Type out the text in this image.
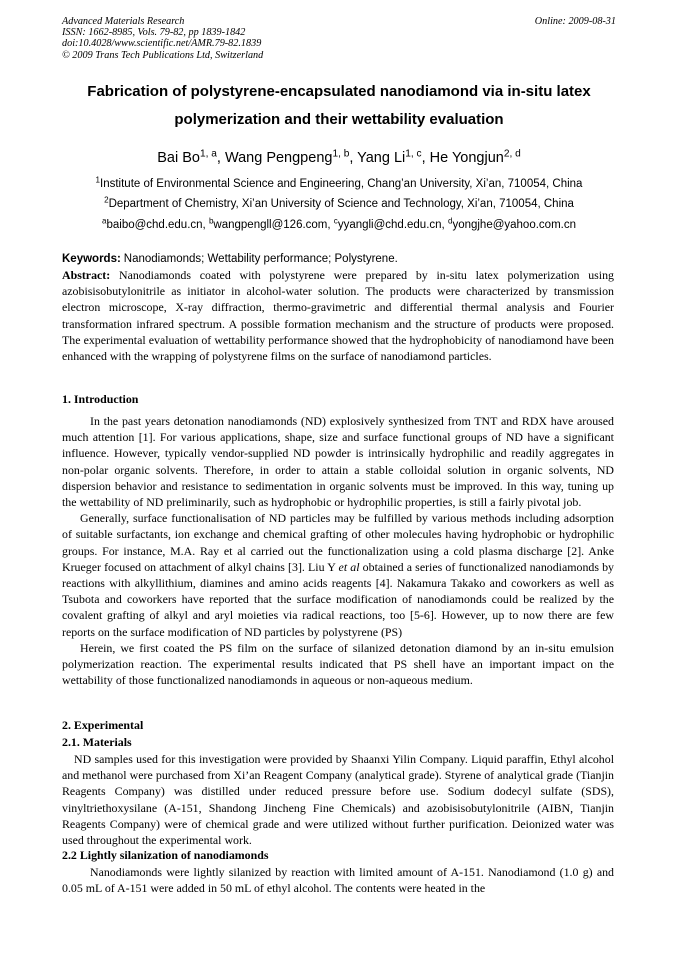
Advanced Materials Research
ISSN: 1662-8985, Vols. 79-82, pp 1839-1842
doi:10.4028/www.scientific.net/AMR.79-82.1839
© 2009 Trans Tech Publications Ltd, Switzerland
Online: 2009-08-31
Fabrication of polystyrene-encapsulated nanodiamond via in-situ latex
polymerization and their wettability evaluation
Bai Bo$^{1, a}$, Wang Pengpeng$^{1, b}$, Yang Li$^{1, c}$, He Yongjun$^{2, d}$
$^1$Institute of Environmental Science and Engineering, Chang’an University, Xi’an, 710054, China
$^2$Department of Chemistry, Xi’an University of Science and Technology, Xi’an, 710054, China
$^a$baibo@chd.edu.cn, $^b$wangpengll@126.com, $^c$yyangli@chd.edu.cn, $^d$yongjhe@yahoo.com.cn
Keywords: Nanodiamonds; Wettability performance; Polystyrene.
Abstract: Nanodiamonds coated with polystyrene were prepared by in-situ latex polymerization using azobisisobutylonitrile as initiator in alcohol-water solution. The products were characterized by transmission electron microscope, X-ray diffraction, thermo-gravimetric and differential thermal analysis and Fourier transformation infrared spectrum. A possible formation mechanism and the structure of products were proposed. The experimental evaluation of wettability performance showed that the hydrophobicity of nanodiamond have been enhanced with the wrapping of polystyrene films on the surface of nanodiamond particles.
1. Introduction

In the past years detonation nanodiamonds (ND) explosively synthesized from TNT and RDX have aroused much attention [1]. For various applications, shape, size and surface functional groups of ND have a significant influence. However, typically vendor-supplied ND powder is intrinsically hydrophilic and readily aggregates in non-polar organic solvents. Therefore, in order to attain a stable colloidal solution in organic solvents, ND dispersion behavior and resistance to sedimentation in organic solvents must be improved. In this way, tuning up the wettability of ND preliminarily, such as hydrophobic or hydrophilic properties, is still a fairly pivotal job.

Generally, surface functionalisation of ND particles may be fulfilled by various methods including adsorption of suitable surfactants, ion exchange and chemical grafting of other molecules having hydrophobic or hydrophilic groups. For instance, M.A. Ray et al carried out the functionalization using a cold plasma discharge [2]. Anke Krueger focused on attachment of alkyl chains [3]. Liu Y et al obtained a series of functionalized nanodiamonds by reactions with alkyllithium, diamines and amino acids reagents [4]. Nakamura Takako and coworkers as well as Tsubota and coworkers have reported that the surface modification of nanodiamonds could be realized by the covalent grafting of alkyl and aryl moieties via radical reactions, too [5-6]. However, up to now there are few reports on the surface modification of ND particles by polystyrene (PS)

Herein, we first coated the PS film on the surface of silanized detonation diamond by an in-situ emulsion polymerization reaction. The experimental results indicated that PS shell have an important impact on the wettability of those functionalized nanodiamonds in aqueous or non-aqueous medium.

2. Experimental
2.1. Materials

ND samples used for this investigation were provided by Shaanxi Yilin Company. Liquid paraffin, Ethyl alcohol and methanol were purchased from Xi’an Reagent Company (analytical grade). Styrene of analytical grade (Tianjin Reagents Company) was distilled under reduced pressure before use. Sodium dodecyl sulfate (SDS), vinyltriethoxysilane (A-151, Shandong Jincheng Fine Chemicals) and azobisisobutylonitrile (AIBN, Tianjin Reagents Company) were of chemical grade and were utilized without further purification. Deionized water was used throughout the experimental work.

2.2 Lightly silanization of nanodiamonds

Nanodiamonds were lightly silanized by reaction with limited amount of A-151. Nanodiamond (1.0 g) and 0.05 mL of A-151 were added in 50 mL of ethyl alcohol. The contents were heated in the
